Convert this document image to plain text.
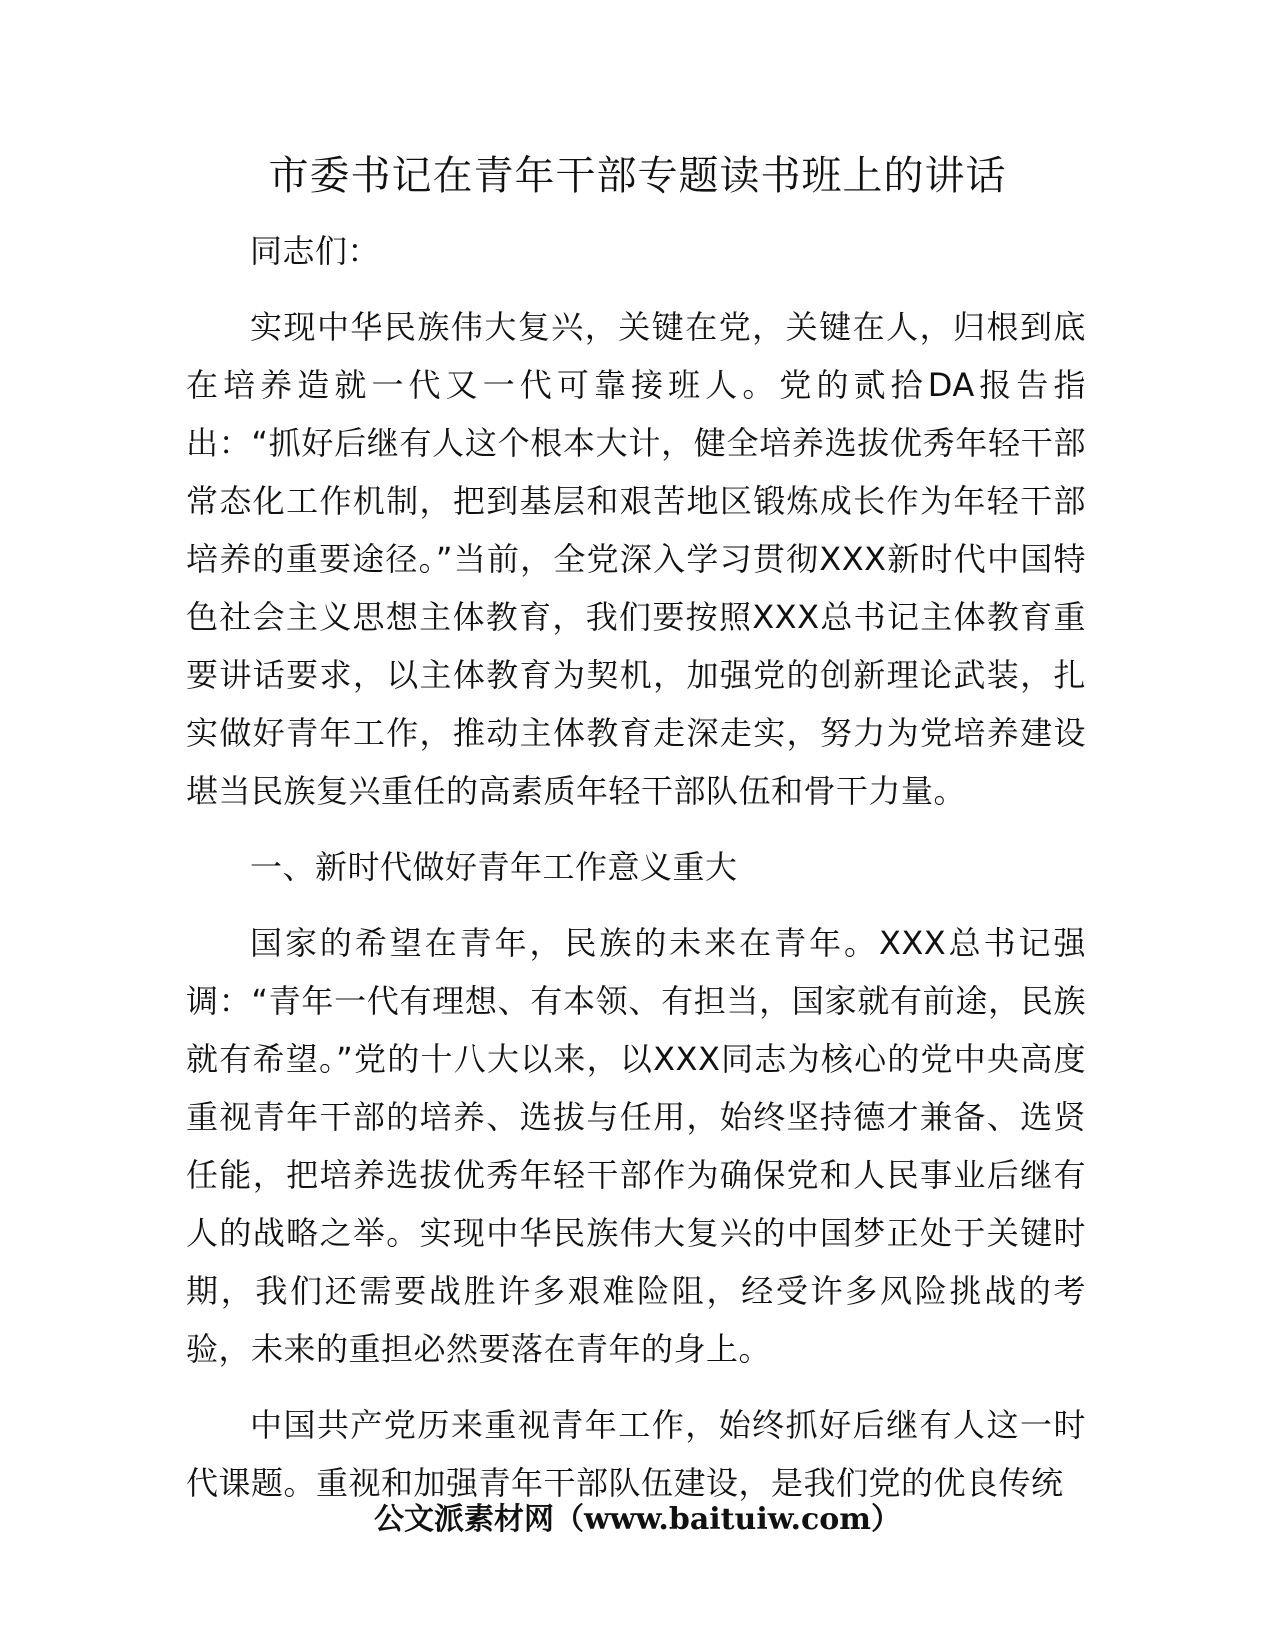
市委书记在青年干部专题读书班上的讲话

同志们：

实现中华民族伟大复兴，关键在党，关键在人，归根到底在培养造就一代又一代可靠接班人。党的贰拾DA报告指出：“抓好后继有人这个根本大计，健全培养选拔优秀年轻干部常态化工作机制，把到基层和艰苦地区锻炼成长作为年轻干部培养的重要途径。”当前，全党深入学习贯彻XXX新时代中国特色社会主义思想主体教育，我们要按照XXX总书记主体教育重要讲话要求，以主体教育为契机，加强党的创新理论武装，扎实做好青年工作，推动主体教育走深走实，努力为党培养建设堪当民族复兴重任的高素质年轻干部队伍和骨干力量。

一、新时代做好青年工作意义重大

国家的希望在青年，民族的未来在青年。XXX总书记强调：“青年一代有理想、有本领、有担当，国家就有前途，民族就有希望。”党的十八大以来，以XXX同志为核心的党中央高度重视青年干部的培养、选拔与任用，始终坚持德才兼备、选贤任能，把培养选拔优秀年轻干部作为确保党和人民事业后继有人的战略之举。实现中华民族伟大复兴的中国梦正处于关键时期，我们还需要战胜许多艰难险阻，经受许多风险挑战的考验，未来的重担必然要落在青年的身上。

中国共产党历来重视青年工作，始终抓好后继有人这一时代课题。重视和加强青年干部队伍建设，是我们党的优良传统

公文派素材网（www.baituiw.com）
